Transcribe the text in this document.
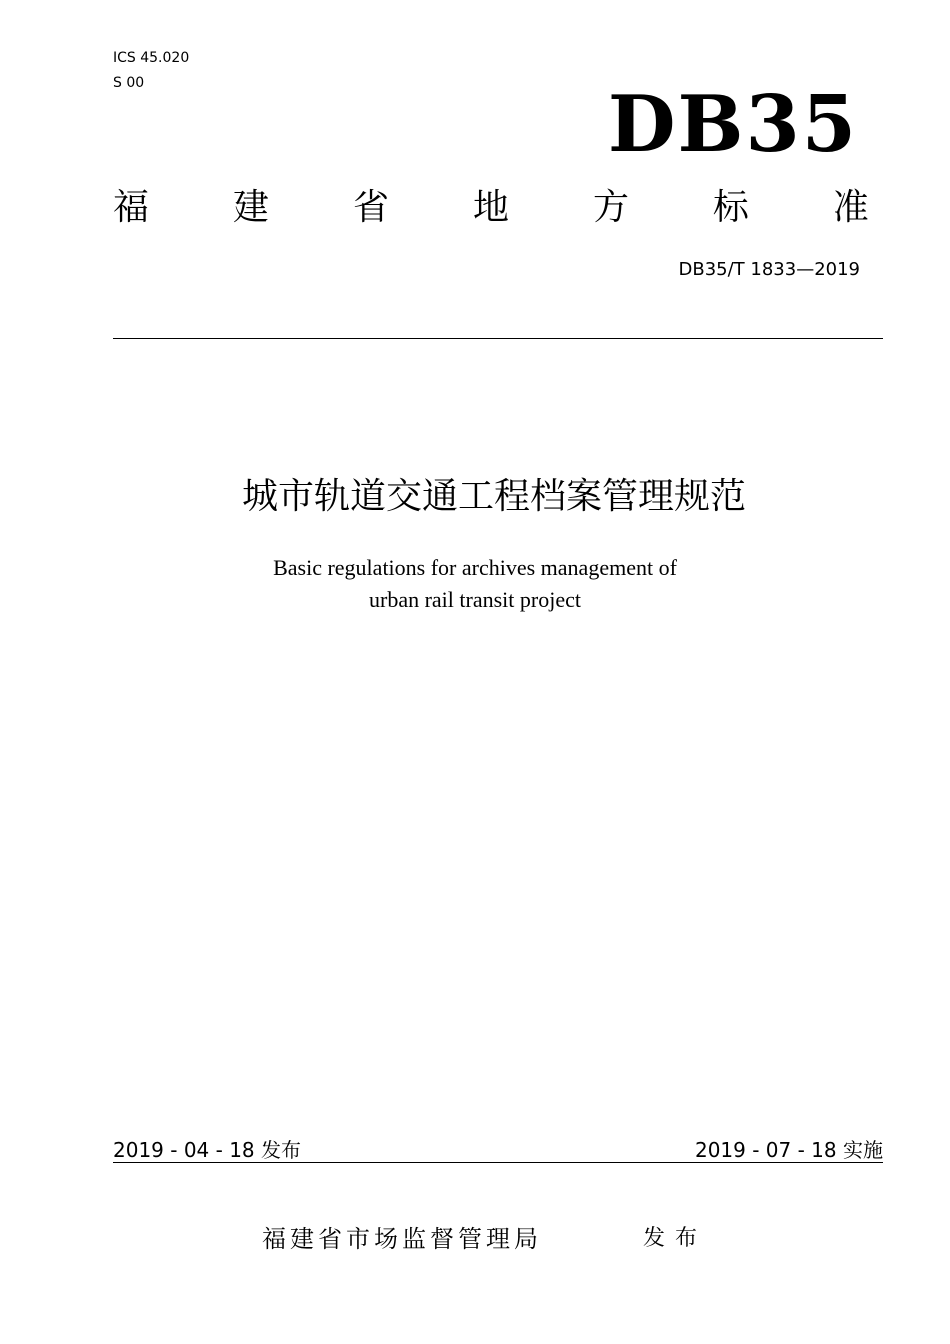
ICS 45.020
S 00	DB35
福 建 省 地 方 标 准
DB35/T 1833—2019
城市轨道交通工程档案管理规范
Basic regulations for archives management of
urban rail transit project
2019 - 04 - 18 发布	2019 - 07 - 18 实施
福建省市场监督管理局	发布
